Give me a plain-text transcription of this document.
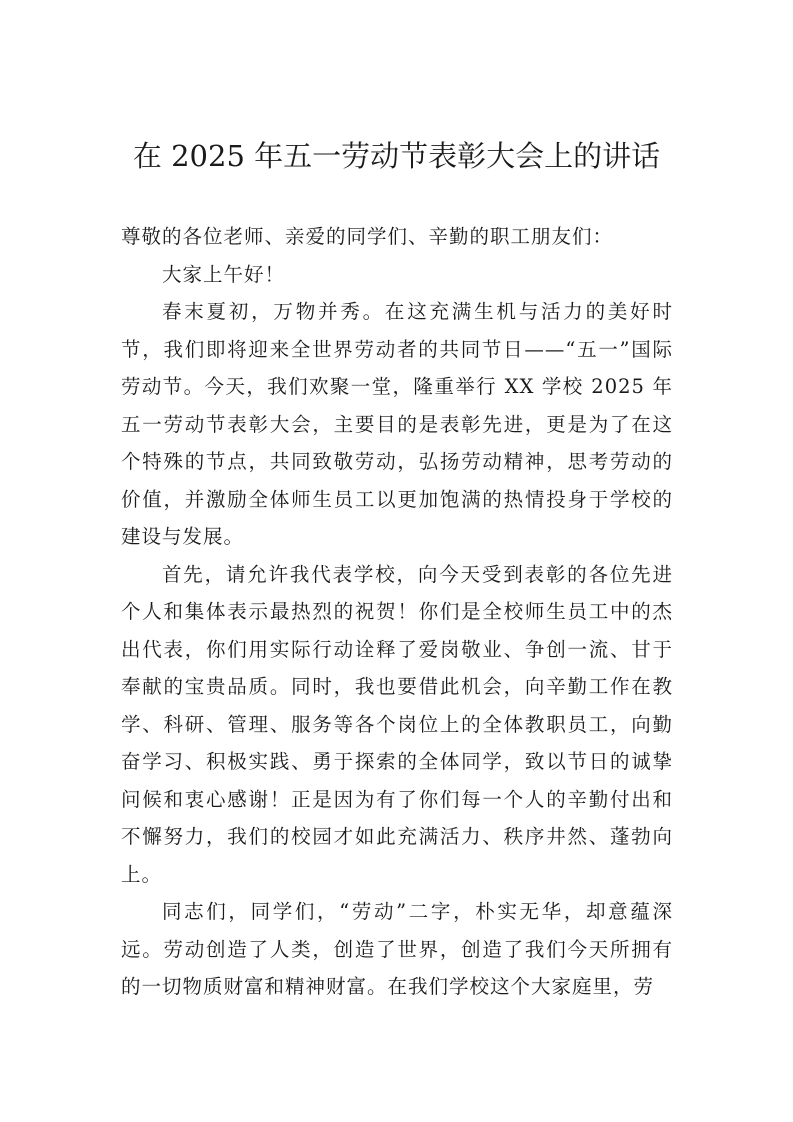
在 2025 年五一劳动节表彰大会上的讲话

尊敬的各位老师、亲爱的同学们、辛勤的职工朋友们：

大家上午好！

春末夏初，万物并秀。在这充满生机与活力的美好时节，我们即将迎来全世界劳动者的共同节日——“五一”国际劳动节。今天，我们欢聚一堂，隆重举行 XX 学校 2025 年五一劳动节表彰大会，主要目的是表彰先进，更是为了在这个特殊的节点，共同致敬劳动，弘扬劳动精神，思考劳动的价值，并激励全体师生员工以更加饱满的热情投身于学校的建设与发展。

首先，请允许我代表学校，向今天受到表彰的各位先进个人和集体表示最热烈的祝贺！你们是全校师生员工中的杰出代表，你们用实际行动诠释了爱岗敬业、争创一流、甘于奉献的宝贵品质。同时，我也要借此机会，向辛勤工作在教学、科研、管理、服务等各个岗位上的全体教职员工，向勤奋学习、积极实践、勇于探索的全体同学，致以节日的诚挚问候和衷心感谢！正是因为有了你们每一个人的辛勤付出和不懈努力，我们的校园才如此充满活力、秩序井然、蓬勃向上。

同志们，同学们，“劳动”二字，朴实无华，却意蕴深远。劳动创造了人类，创造了世界，创造了我们今天所拥有的一切物质财富和精神财富。在我们学校这个大家庭里，劳
